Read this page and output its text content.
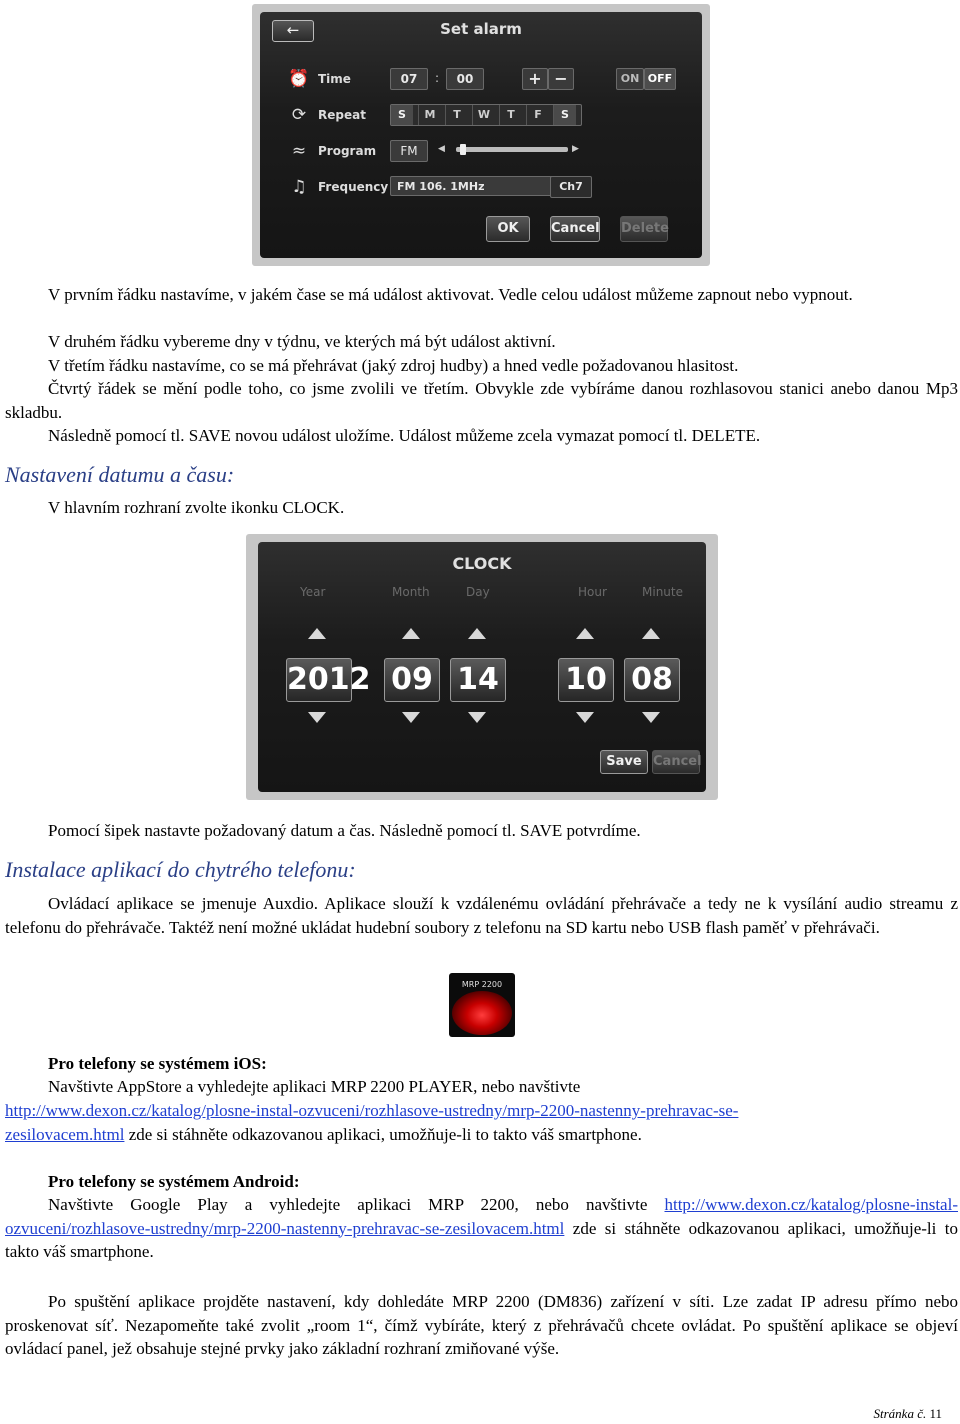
←	Set alarm
⏰ Time	07	:	00	+ −	ON OFF
⟳ Repeat	S	M	T	W	T	F	S
≈ Program	FM	◀	▶
♫ Frequency FM 106. 1MHz	Ch7
OK	Cancel Delete
V prvním řádku nastavíme, v jakém čase se má událost aktivovat. Vedle celou událost můžeme zapnout nebo vypnout.
V druhém řádku vybereme dny v týdnu, ve kterých má být událost aktivní.
V třetím řádku nastavíme, co se má přehrávat (jaký zdroj hudby) a hned vedle požadovanou hlasitost.
Čtvrtý řádek se mění podle toho, co jsme zvolili ve třetím. Obvykle zde vybíráme danou rozhlasovou stanici anebo danou Mp3 skladbu.
Následně pomocí tl. SAVE novou událost uložíme. Událost můžeme zcela vymazat pomocí tl. DELETE.
Nastavení datumu a času:
V hlavním rozhraní zvolte ikonku CLOCK.
CLOCK
Year	Month	Day	Hour	Minute
2012 09 14 10 08
Save Cancel
Pomocí šipek nastavte požadovaný datum a čas. Následně pomocí tl. SAVE potvrdíme.
Instalace aplikací do chytrého telefonu:
Ovládací aplikace se jmenuje Auxdio. Aplikace slouží k vzdálenému ovládání přehrávače a tedy ne k vysílání audio streamu z telefonu do přehrávače. Taktéž není možné ukládat hudební soubory z telefonu na SD kartu nebo USB flash paměť v přehrávači.
MRP 2200
Pro telefony se systémem iOS:
Navštivte AppStore a vyhledejte aplikaci MRP 2200 PLAYER, nebo navštivte
http://www.dexon.cz/katalog/plosne-instal-ozvuceni/rozhlasove-ustredny/mrp-2200-nastenny-prehravac-se-
zesilovacem.html zde si stáhněte odkazovanou aplikaci, umožňuje-li to takto váš smartphone.
Pro telefony se systémem Android:
Navštivte Google Play a vyhledejte aplikaci MRP 2200, nebo navštivte http://www.dexon.cz/katalog/plosne-instal-ozvuceni/rozhlasove-ustredny/mrp-2200-nastenny-prehravac-se-zesilovacem.html zde si stáhněte odkazovanou aplikaci, umožňuje-li to takto váš smartphone.
Po spuštění aplikace projděte nastavení, kdy dohledáte MRP 2200 (DM836) zařízení v síti. Lze zadat IP adresu přímo nebo proskenovat síť. Nezapomeňte také zvolit „room 1“, čímž vybíráte, který z přehrávačů chcete ovládat. Po spuštění aplikace se objeví ovládací panel, jež obsahuje stejné prvky jako základní rozhraní zmiňované výše.
Stránka č. 11
